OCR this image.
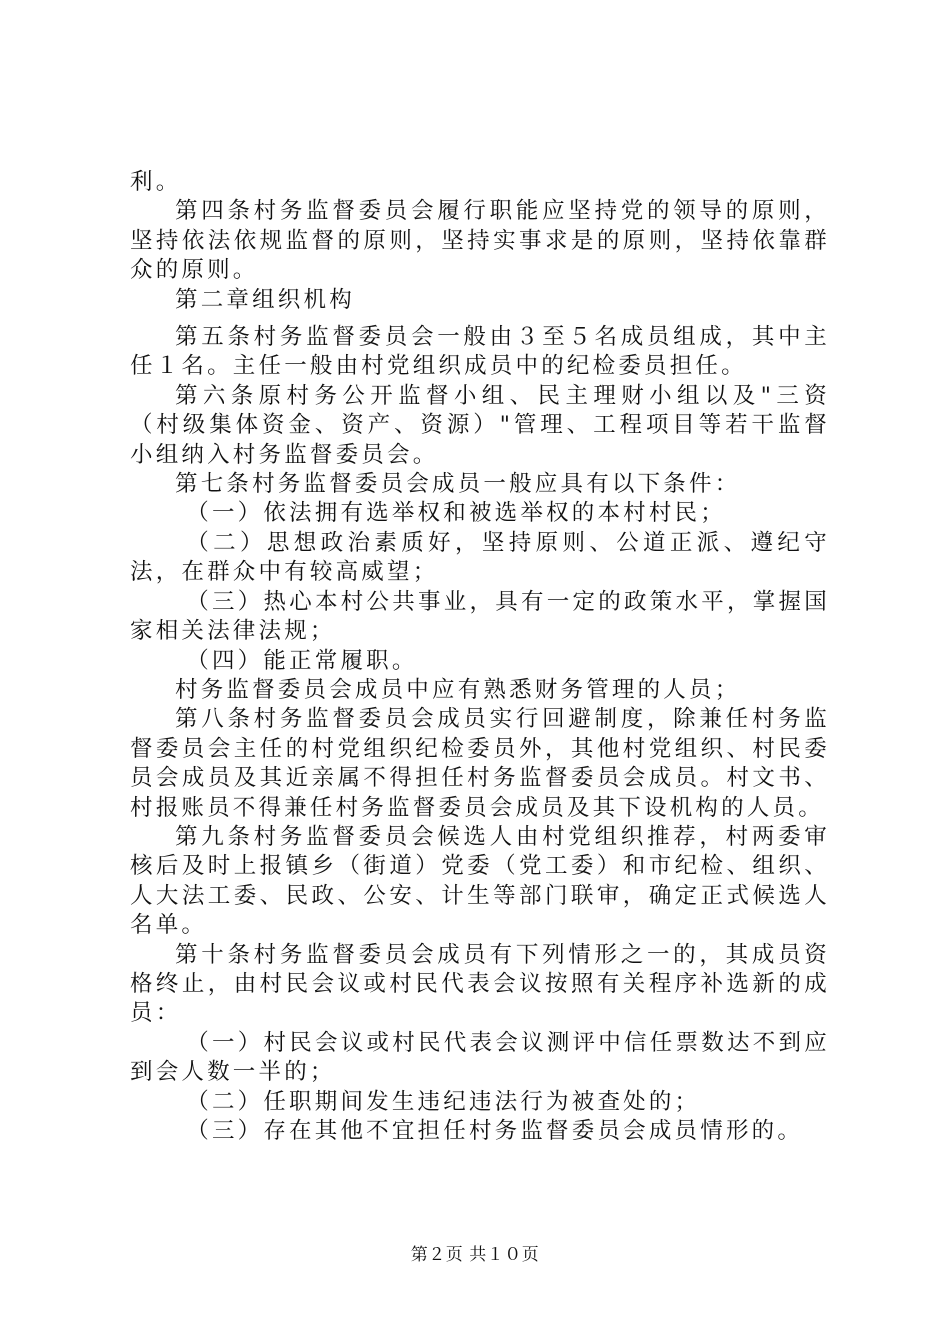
利。

第四条村务监督委员会履行职能应坚持党的领导的原则，坚持依法依规监督的原则，坚持实事求是的原则，坚持依靠群众的原则。

第二章组织机构

第五条村务监督委员会一般由３至５名成员组成，其中主任１名。主任一般由村党组织成员中的纪检委员担任。

第六条原村务公开监督小组、民主理财小组以及"三资（村级集体资金、资产、资源）"管理、工程项目等若干监督小组纳入村务监督委员会。

第七条村务监督委员会成员一般应具有以下条件：

（一）依法拥有选举权和被选举权的本村村民；

（二）思想政治素质好，坚持原则、公道正派、遵纪守法，在群众中有较高威望；

（三）热心本村公共事业，具有一定的政策水平，掌握国家相关法律法规；

（四）能正常履职。

村务监督委员会成员中应有熟悉财务管理的人员；

第八条村务监督委员会成员实行回避制度，除兼任村务监督委员会主任的村党组织纪检委员外，其他村党组织、村民委员会成员及其近亲属不得担任村务监督委员会成员。村文书、村报账员不得兼任村务监督委员会成员及其下设机构的人员。

第九条村务监督委员会候选人由村党组织推荐，村两委审核后及时上报镇乡（街道）党委（党工委）和市纪检、组织、人大法工委、民政、公安、计生等部门联审，确定正式候选人名单。

第十条村务监督委员会成员有下列情形之一的，其成员资格终止，由村民会议或村民代表会议按照有关程序补选新的成员：

（一）村民会议或村民代表会议测评中信任票数达不到应到会人数一半的；

（二）任职期间发生违纪违法行为被查处的；

（三）存在其他不宜担任村务监督委员会成员情形的。

第２页 共１０页
